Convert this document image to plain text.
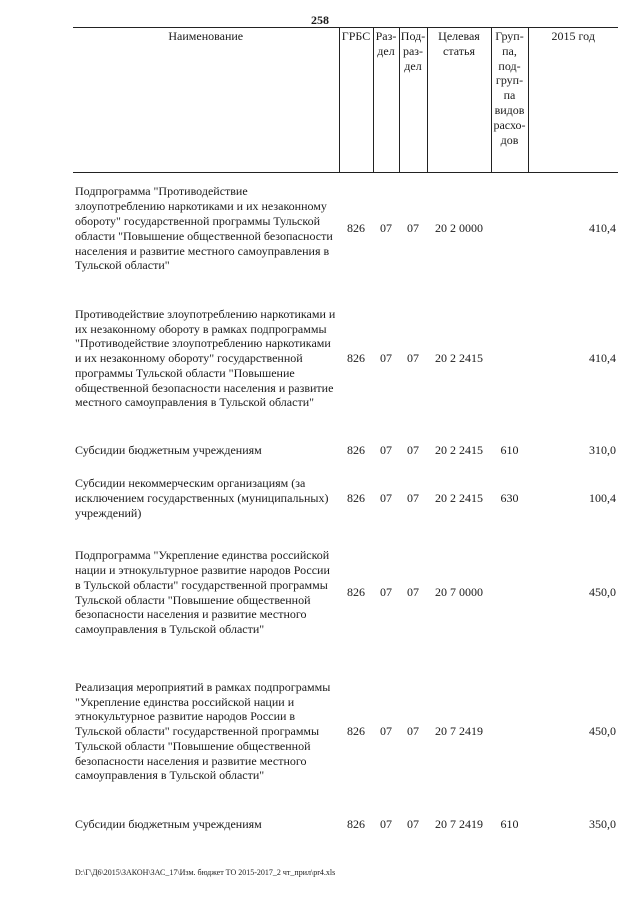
258
Наименование	ГРБС	Раз-дел	Под-раз-дел	Целевая статья	Груп-па, под-груп-па видов расхо-дов	2015 год
Подпрограмма "Противодействие злоупотреблению наркотиками и их незаконному обороту" государственной программы Тульской области "Повышение общественной безопасности населения и развитие местного самоуправления в Тульской области"	826	07	07	20 2 0000		410,4
Противодействие злоупотреблению наркотиками и их незаконному обороту в рамках подпрограммы "Противодействие злоупотреблению наркотиками и их незаконному обороту" государственной программы Тульской области "Повышение общественной безопасности населения и развитие местного самоуправления в Тульской области"	826	07	07	20 2 2415		410,4
Субсидии бюджетным учреждениям	826	07	07	20 2 2415	610	310,0
Субсидии некоммерческим организациям (за исключением государственных (муниципальных) учреждений)	826	07	07	20 2 2415	630	100,4
Подпрограмма "Укрепление единства российской нации и этнокультурное развитие народов России в Тульской области" государственной программы Тульской области "Повышение общественной безопасности населения и развитие местного самоуправления в Тульской области"	826	07	07	20 7 0000		450,0
Реализация мероприятий в рамках подпрограммы "Укрепление единства российской нации и этнокультурное развитие народов России в Тульской области" государственной программы Тульской области "Повышение общественной безопасности населения и развитие местного самоуправления в Тульской области"	826	07	07	20 7 2419		450,0
Субсидии бюджетным учреждениям	826	07	07	20 7 2419	610	350,0
D:\Г\Д6\2015\ЗАКОН\ЗАС_17\Изм. бюджет ТО 2015-2017_2 чт_прил\pr4.xls
